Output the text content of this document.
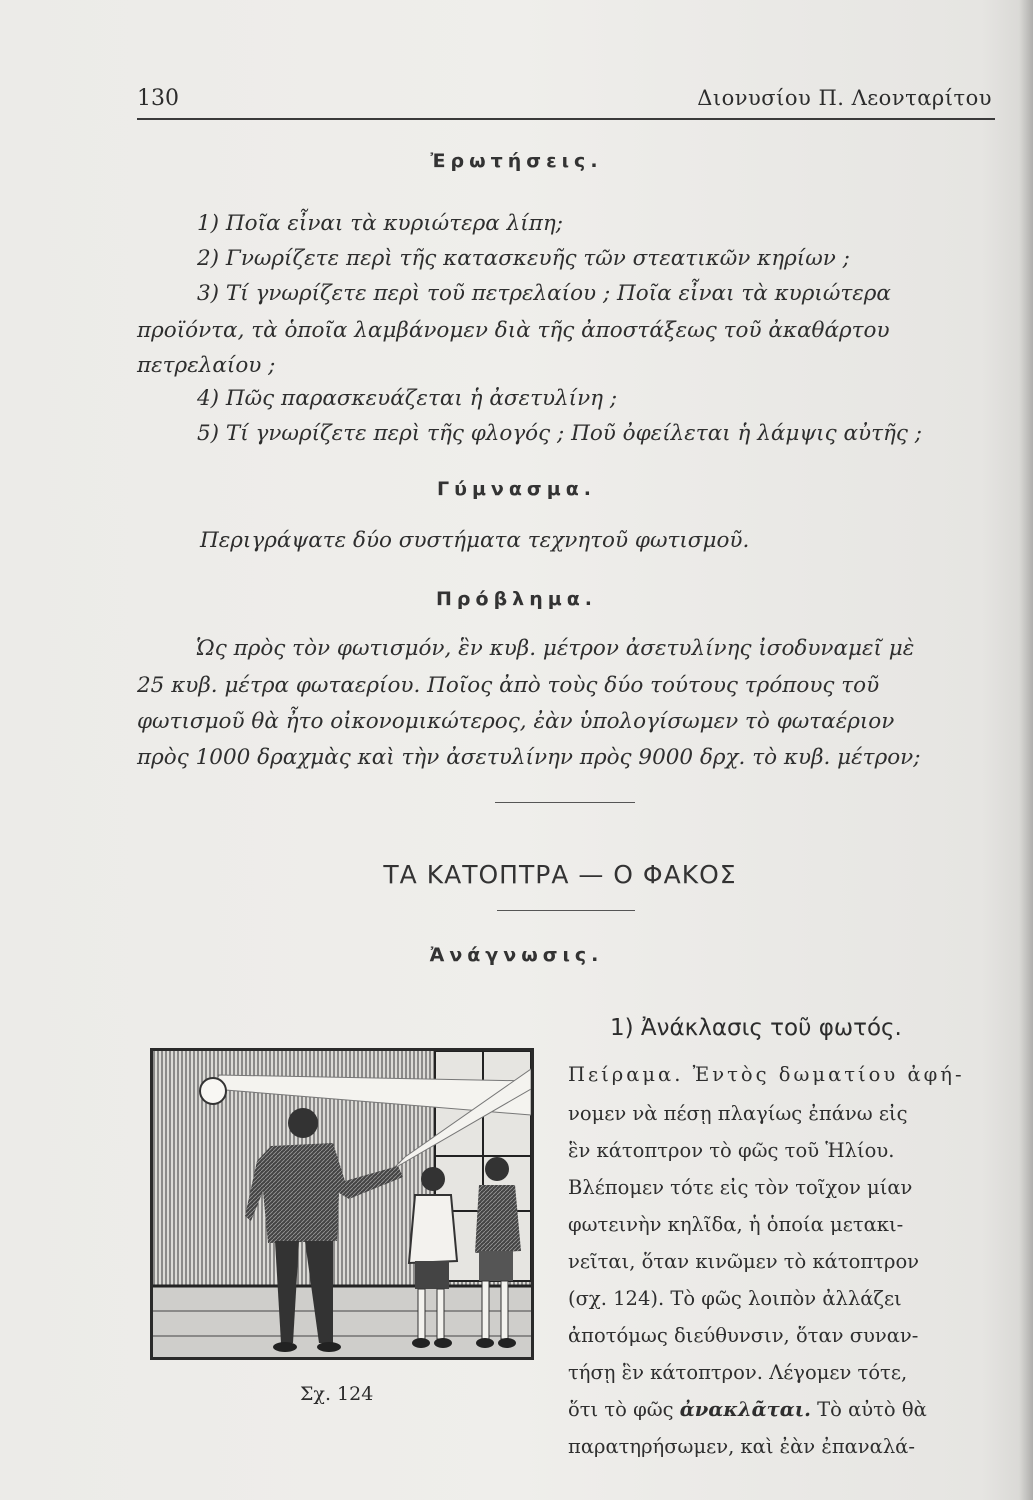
130	Διονυσίου Π. Λεονταρίτου
Ἐρωτήσεις.
1) Ποῖα εἶναι τὰ κυριώτερα λίπη;
2) Γνωρίζετε περὶ τῆς κατασκευῆς τῶν στεατικῶν κηρίων ;
3) Τί γνωρίζετε περὶ τοῦ πετρελαίου ; Ποῖα εἶναι τὰ κυριώτερα
προϊόντα, τὰ ὁποῖα λαμβάνομεν διὰ τῆς ἀποστάξεως τοῦ ἀκαθάρτου
πετρελαίου ;
4) Πῶς παρασκευάζεται ἡ ἀσετυλίνη ;
5) Τί γνωρίζετε περὶ τῆς φλογός ; Ποῦ ὀφείλεται ἡ λάμψις αὐτῆς ;
Γύμνασμα.
Περιγράψατε δύο συστήματα τεχνητοῦ φωτισμοῦ.
Πρόβλημα.
Ὡς πρὸς τὸν φωτισμόν, ἓν κυβ. μέτρον ἀσετυλίνης ἰσοδυναμεῖ μὲ
25 κυβ. μέτρα φωταερίου. Ποῖος ἀπὸ τοὺς δύο τούτους τρόπους τοῦ
φωτισμοῦ θὰ ἦτο οἰκονομικώτερος, ἐὰν ὑπολογίσωμεν τὸ φωταέριον
πρὸς 1000 δραχμὰς καὶ τὴν ἀσετυλίνην πρὸς 9000 δρχ. τὸ κυβ. μέτρον;
ΤΑ ΚΑΤΟΠΤΡΑ — Ο ΦΑΚΟΣ
Ἀνάγνωσις.
1) Ἀνάκλασις τοῦ φωτός.
Πείραμα. Ἐντὸς δωματίου ἀφή-
νομεν νὰ πέσῃ πλαγίως ἐπάνω εἰς
ἓν κάτοπτρον τὸ φῶς τοῦ Ἡλίου.
Βλέπομεν τότε εἰς τὸν τοῖχον μίαν
φωτεινὴν κηλῖδα, ἡ ὁποία μετακι-
νεῖται, ὅταν κινῶμεν τὸ κάτοπτρον
(σχ. 124). Τὸ φῶς λοιπὸν ἀλλάζει
ἀποτόμως διεύθυνσιν, ὅταν συναν-
τήσῃ ἓν κάτοπτρον. Λέγομεν τότε,
ὅτι τὸ φῶς ἀνακλᾶται. Τὸ αὐτὸ θὰ
παρατηρήσωμεν, καὶ ἐὰν ἐπαναλά-
Σχ. 124
